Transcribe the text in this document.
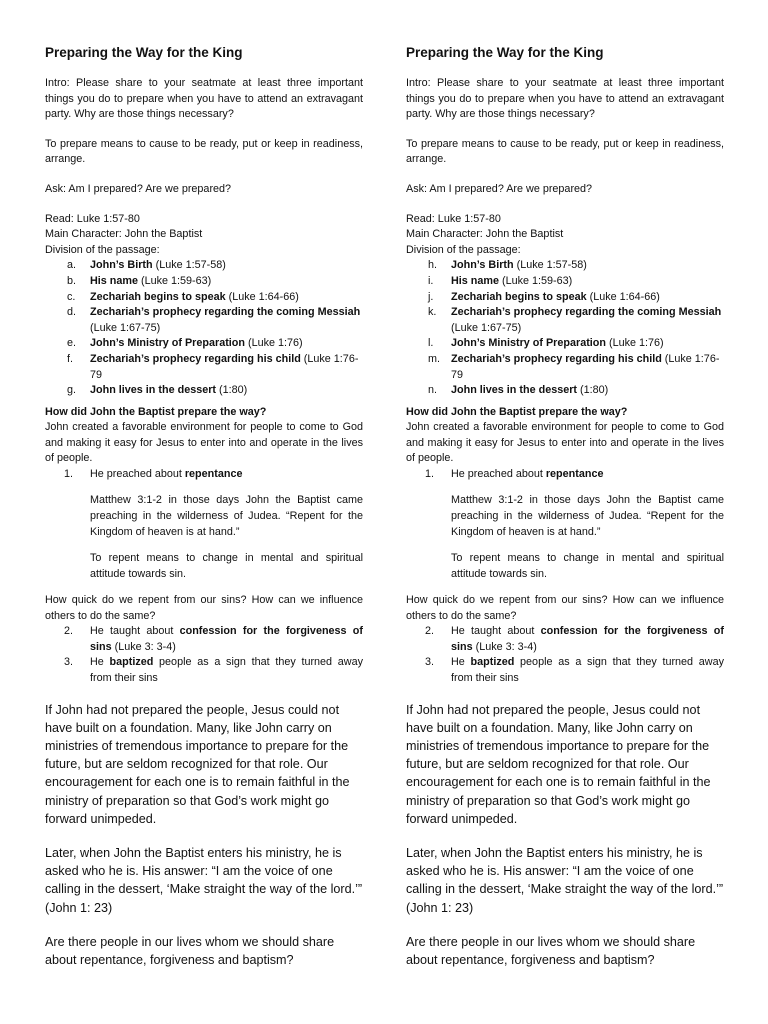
Preparing the Way for the King

Intro: Please share to your seatmate at least three important things you do to prepare when you have to attend an extravagant party. Why are those things necessary?

To prepare means to cause to be ready, put or keep in readiness, arrange.

Ask: Am I prepared? Are we prepared?

Read: Luke 1:57-80

Main Character: John the Baptist

Division of the passage:

a.	John’s Birth (Luke 1:57-58)
b.	His name (Luke 1:59-63)
c.	Zechariah begins to speak (Luke 1:64-66)
d.	Zechariah’s prophecy regarding the coming Messiah (Luke 1:67-75)
e.	John’s Ministry of Preparation (Luke 1:76)
f.	Zechariah’s prophecy regarding his child (Luke 1:76-79
g.	John lives in the dessert (1:80)

How did John the Baptist prepare the way?

John created a favorable environment for people to come to God and making it easy for Jesus to enter into and operate in the lives of people.

1.	He preached about repentance

Matthew 3:1-2 in those days John the Baptist came preaching in the wilderness of Judea. “Repent for the Kingdom of heaven is at hand.”

To repent means to change in mental and spiritual attitude towards sin.

How quick do we repent from our sins? How can we influence others to do the same?

2.	He taught about confession for the forgiveness of sins (Luke 3: 3-4)
3.	He baptized people as a sign that they turned away from their sins

If John had not prepared the people, Jesus could not have built on a foundation. Many, like John carry on ministries of tremendous importance to prepare for the future, but are seldom recognized for that role. Our encouragement for each one is to remain faithful in the ministry of preparation so that God’s work might go forward unimpeded.

Later, when John the Baptist enters his ministry, he is asked who he is. His answer: “I am the voice of one calling in the dessert, ‘Make straight the way of the lord.’” (John 1: 23)

Are there people in our lives whom we should share about repentance, forgiveness and baptism?

Preparing the Way for the King

Intro: Please share to your seatmate at least three important things you do to prepare when you have to attend an extravagant party. Why are those things necessary?

To prepare means to cause to be ready, put or keep in readiness, arrange.

Ask: Am I prepared? Are we prepared?

Read: Luke 1:57-80

Main Character: John the Baptist

Division of the passage:

h.	John’s Birth (Luke 1:57-58)
i.	His name (Luke 1:59-63)
j.	Zechariah begins to speak (Luke 1:64-66)
k.	Zechariah’s prophecy regarding the coming Messiah (Luke 1:67-75)
l.	John’s Ministry of Preparation (Luke 1:76)
m.	Zechariah’s prophecy regarding his child (Luke 1:76-79
n.	John lives in the dessert (1:80)

How did John the Baptist prepare the way?

John created a favorable environment for people to come to God and making it easy for Jesus to enter into and operate in the lives of people.

1.	He preached about repentance

Matthew 3:1-2 in those days John the Baptist came preaching in the wilderness of Judea. “Repent for the Kingdom of heaven is at hand.”

To repent means to change in mental and spiritual attitude towards sin.

How quick do we repent from our sins? How can we influence others to do the same?

2.	He taught about confession for the forgiveness of sins (Luke 3: 3-4)
3.	He baptized people as a sign that they turned away from their sins

If John had not prepared the people, Jesus could not have built on a foundation. Many, like John carry on ministries of tremendous importance to prepare for the future, but are seldom recognized for that role. Our encouragement for each one is to remain faithful in the ministry of preparation so that God’s work might go forward unimpeded.

Later, when John the Baptist enters his ministry, he is asked who he is. His answer: “I am the voice of one calling in the dessert, ‘Make straight the way of the lord.’” (John 1: 23)

Are there people in our lives whom we should share about repentance, forgiveness and baptism?
